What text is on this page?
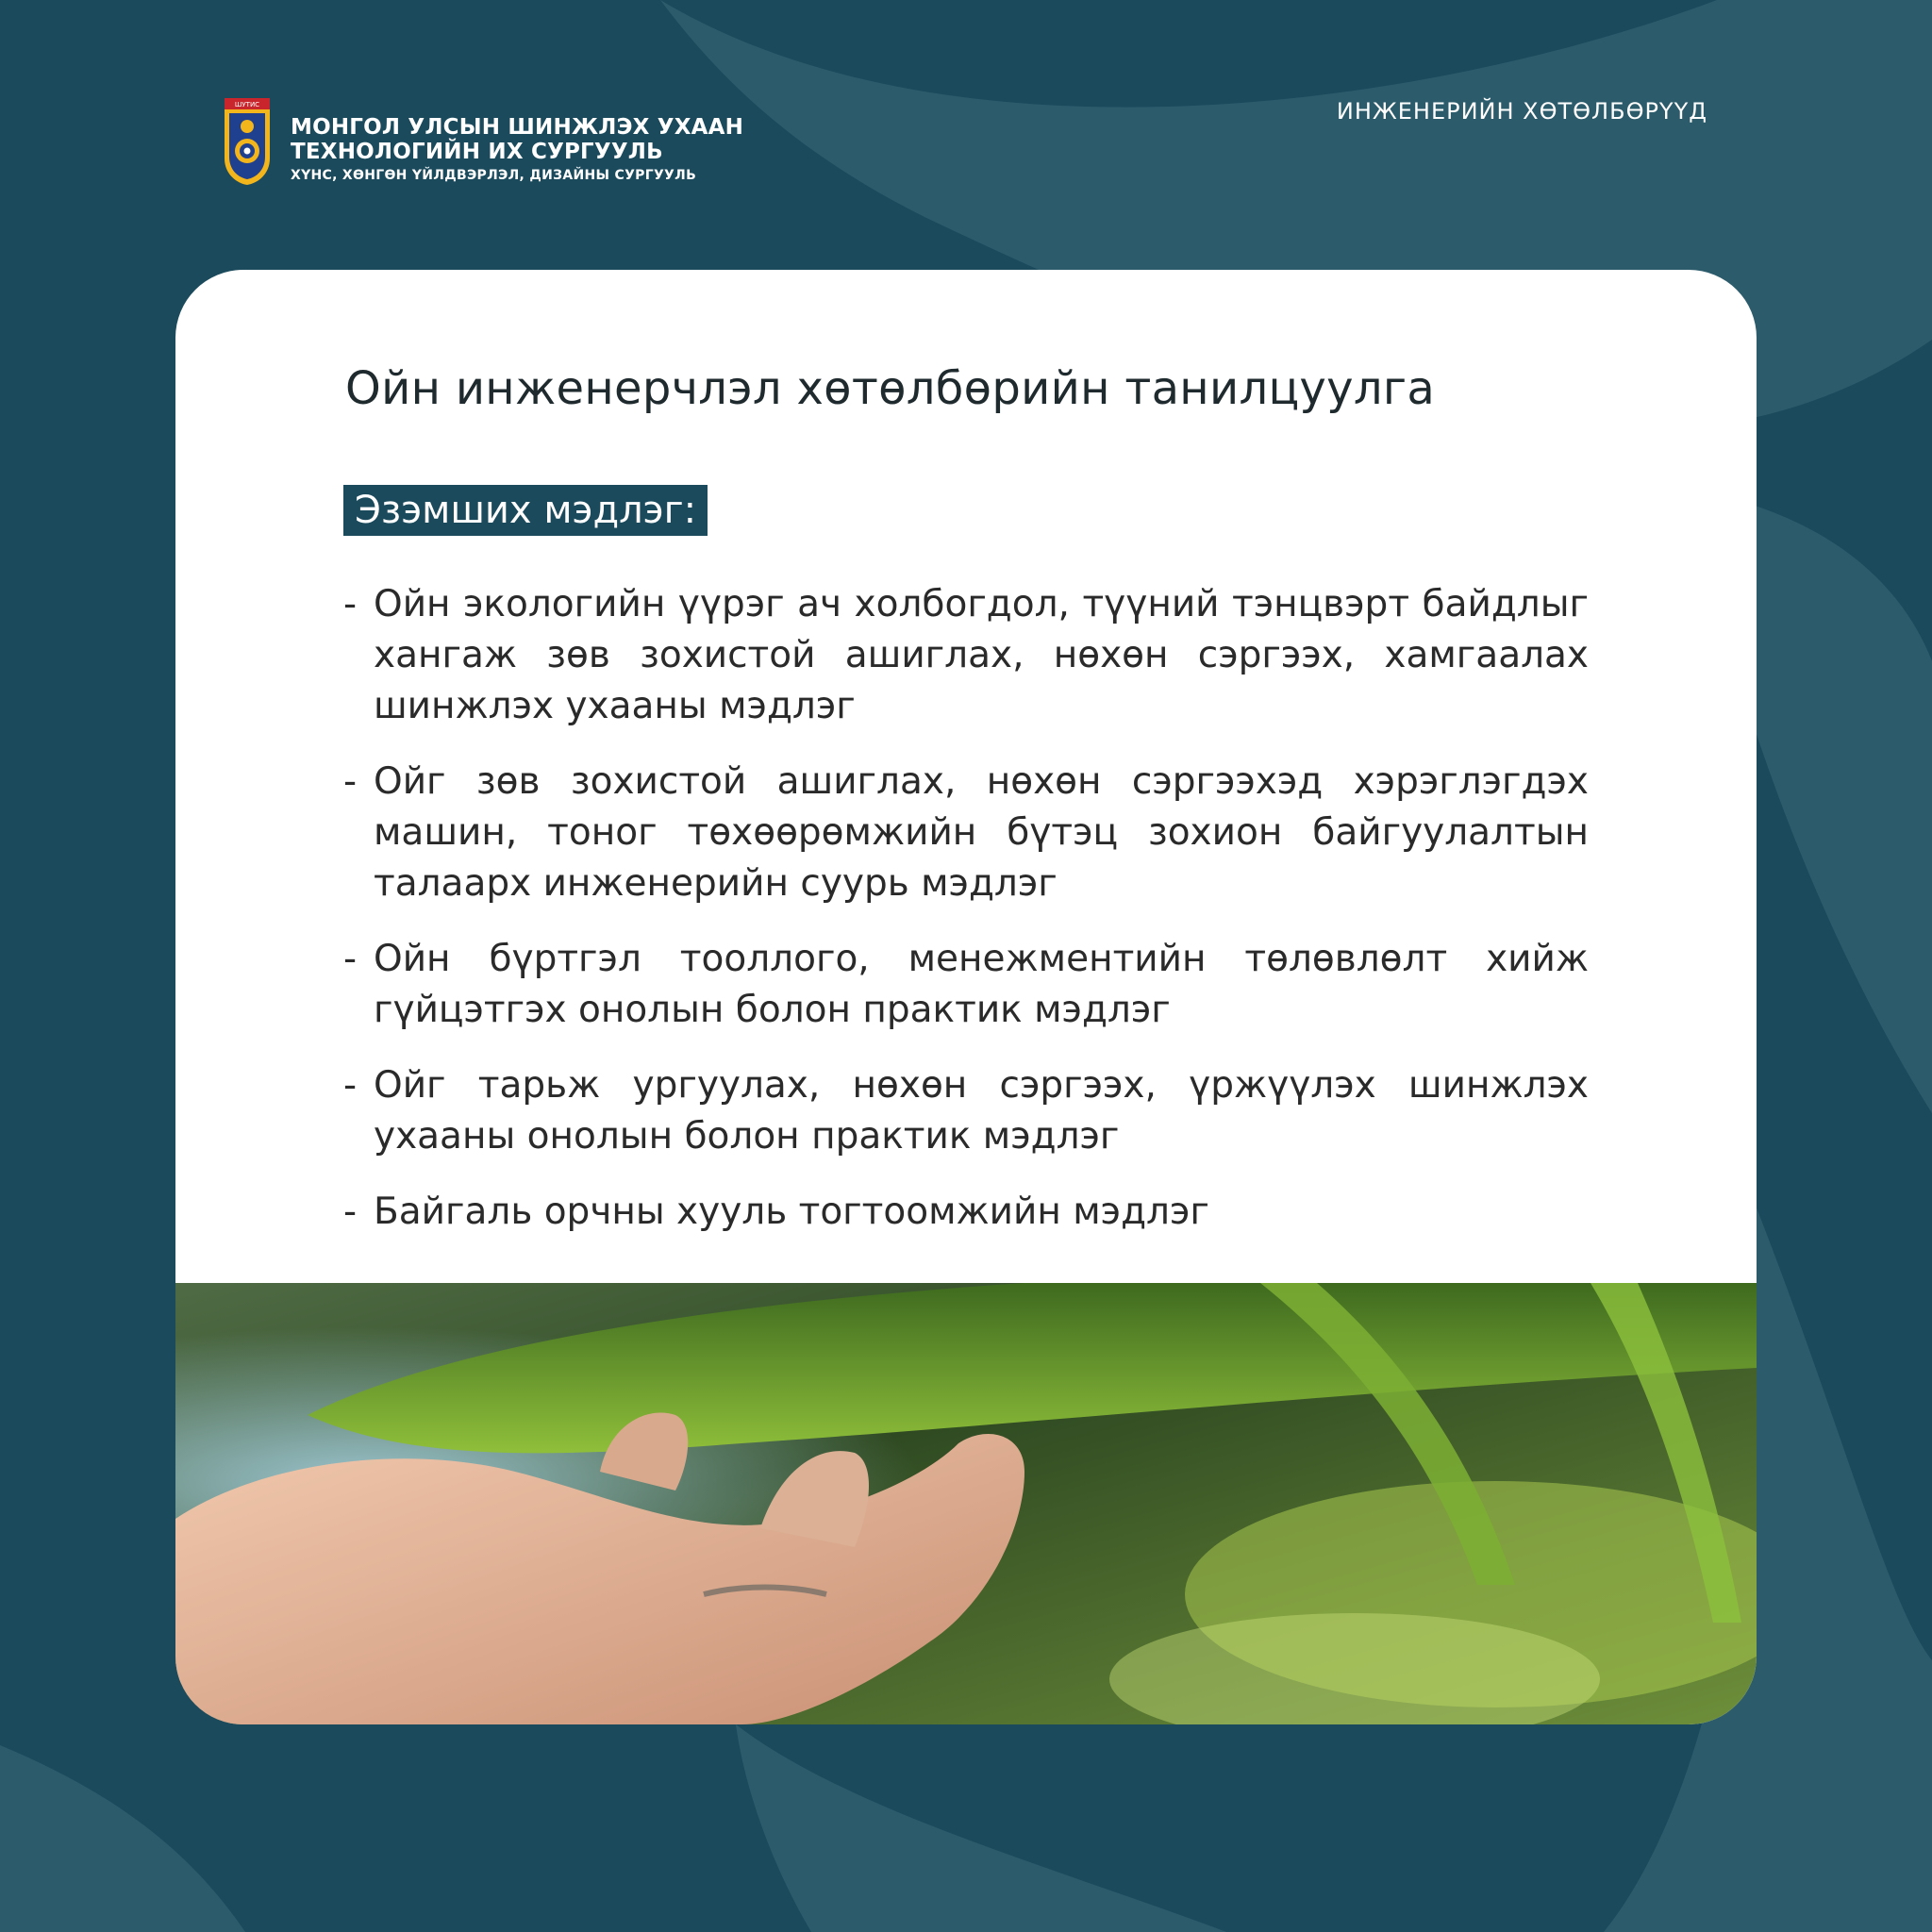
ШУТИС
МОНГОЛ УЛСЫН ШИНЖЛЭХ УХААН
ТЕХНОЛОГИЙН ИХ СУРГУУЛЬ
ХҮНС, ХӨНГӨН ҮЙЛДВЭРЛЭЛ, ДИЗАЙНЫ СУРГУУЛЬ
ИНЖЕНЕРИЙН ХӨТӨЛБӨРҮҮД
Ойн инженерчлэл хөтөлбөрийн танилцуулга
Эзэмших мэдлэг:
- Ойн экологийн үүрэг ач холбогдол, түүний тэнцвэрт байдлыг хангаж зөв зохистой ашиглах, нөхөн сэргээх, хамгаалах шинжлэх ухааны мэдлэг
- Ойг зөв зохистой ашиглах, нөхөн сэргээхэд хэрэглэгдэх машин, тоног төхөөрөмжийн бүтэц зохион байгуулалтын талаарх инженерийн суурь мэдлэг
- Ойн бүртгэл тооллого, менежментийн төлөвлөлт хийж гүйцэтгэх онолын болон практик мэдлэг
- Ойг тарьж ургуулах, нөхөн сэргээх, үржүүлэх шинжлэх ухааны онолын болон практик мэдлэг
- Байгаль орчны хууль тогтоомжийн мэдлэг
